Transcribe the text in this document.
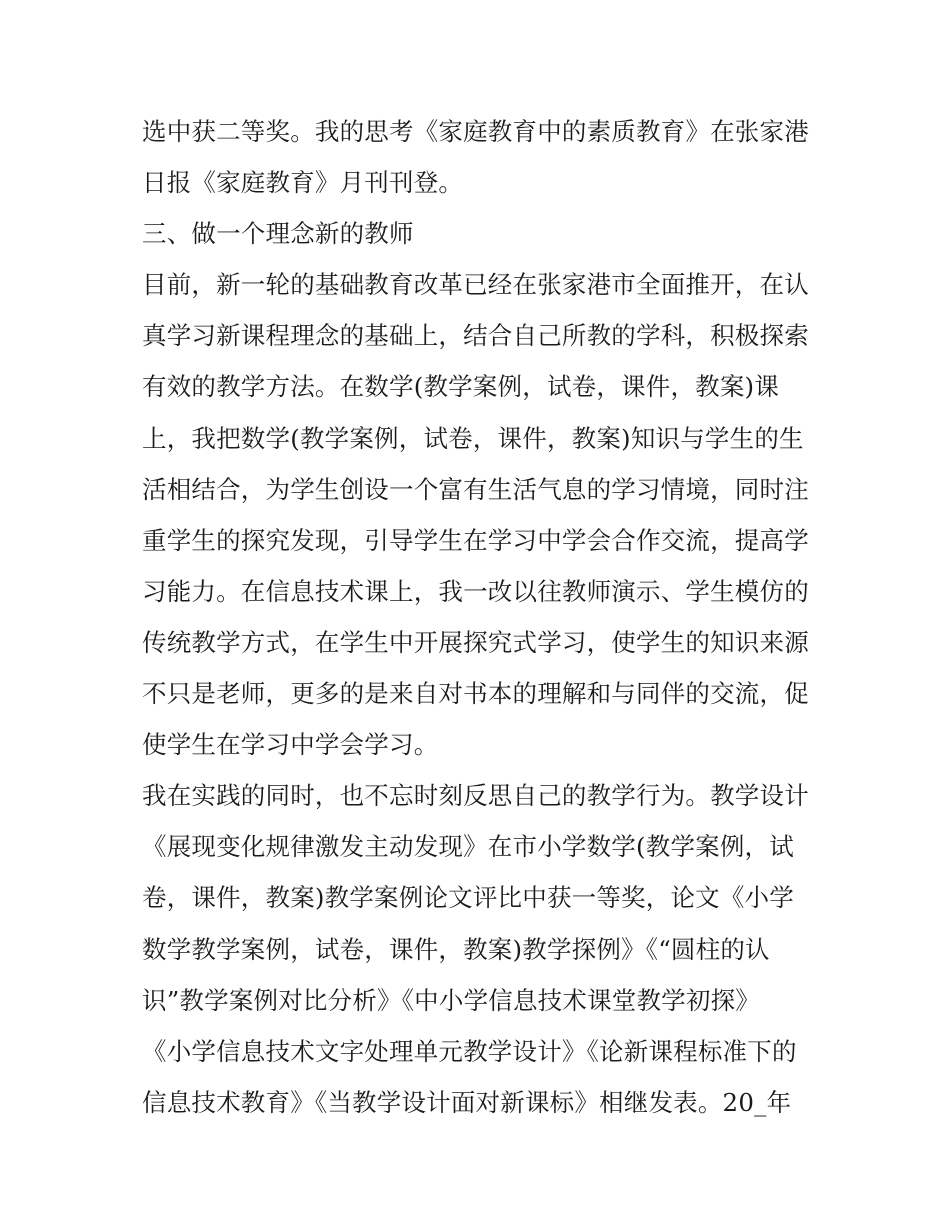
选中获二等奖。我的思考《家庭教育中的素质教育》在张家港
日报《家庭教育》月刊刊登。
三、做一个理念新的教师
目前，新一轮的基础教育改革已经在张家港市全面推开，在认
真学习新课程理念的基础上，结合自己所教的学科，积极探索
有效的教学方法。在数学(教学案例，试卷，课件，教案)课
上，我把数学(教学案例，试卷，课件，教案)知识与学生的生
活相结合，为学生创设一个富有生活气息的学习情境，同时注
重学生的探究发现，引导学生在学习中学会合作交流，提高学
习能力。在信息技术课上，我一改以往教师演示、学生模仿的
传统教学方式，在学生中开展探究式学习，使学生的知识来源
不只是老师，更多的是来自对书本的理解和与同伴的交流，促
使学生在学习中学会学习。
我在实践的同时，也不忘时刻反思自己的教学行为。教学设计
《展现变化规律激发主动发现》在市小学数学(教学案例，试
卷，课件，教案)教学案例论文评比中获一等奖，论文《小学
数学教学案例，试卷，课件，教案)教学探例》《“圆柱的认
识”教学案例对比分析》《中小学信息技术课堂教学初探》
《小学信息技术文字处理单元教学设计》《论新课程标准下的
信息技术教育》《当教学设计面对新课标》相继发表。20_年
